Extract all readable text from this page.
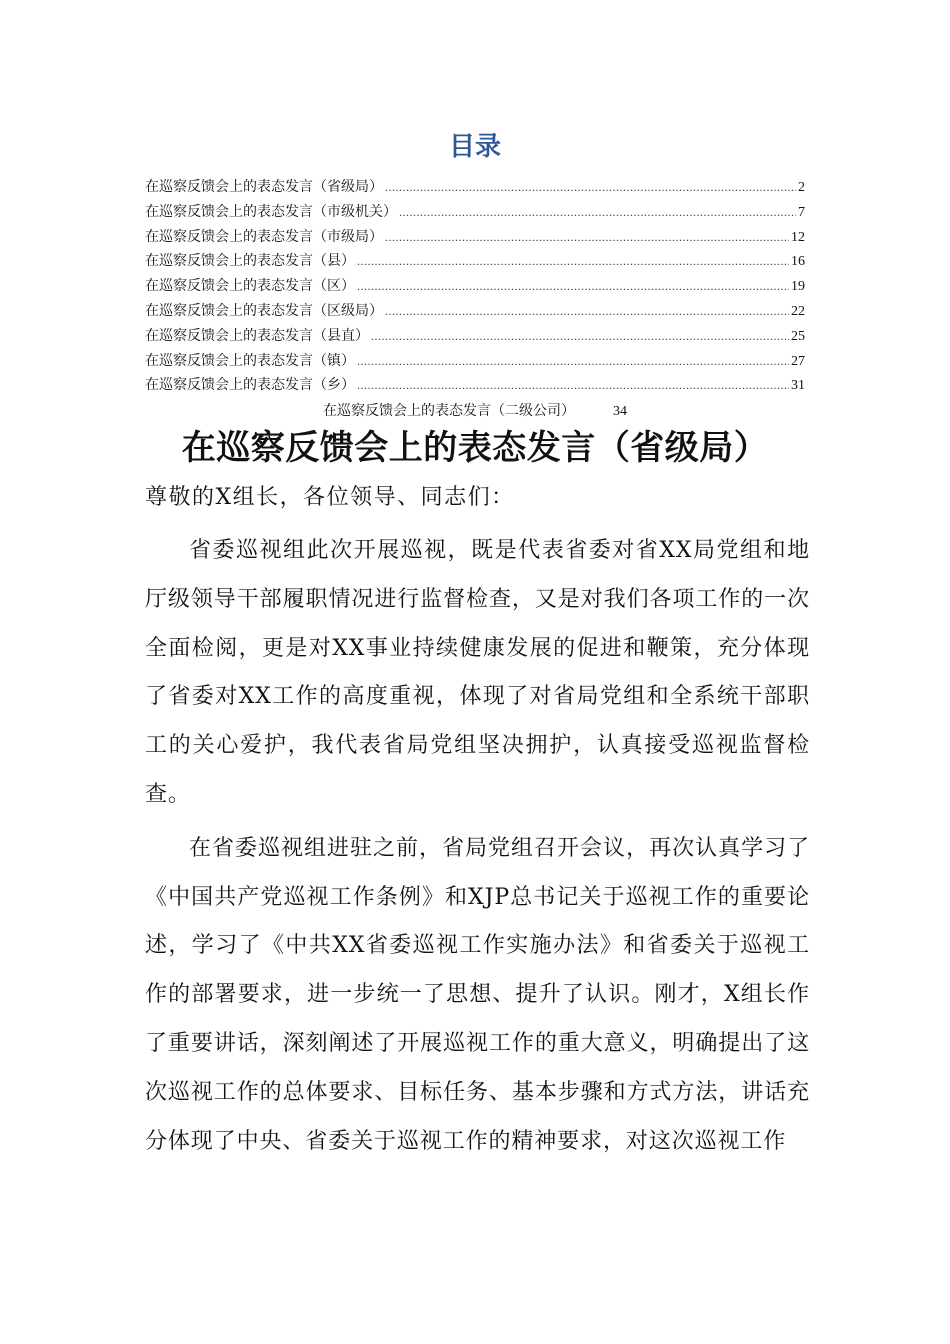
目录
在巡察反馈会上的表态发言（省级局） .....	2
在巡察反馈会上的表态发言（市级机关） .....	7
在巡察反馈会上的表态发言（市级局） .....	12
在巡察反馈会上的表态发言（县） .....	16
在巡察反馈会上的表态发言（区） .....	19
在巡察反馈会上的表态发言（区级局） .....	22
在巡察反馈会上的表态发言（县直） .....	25
在巡察反馈会上的表态发言（镇） .....	27
在巡察反馈会上的表态发言（乡） .....	31
在巡察反馈会上的表态发言（二级公司）	34
在巡察反馈会上的表态发言（省级局）
尊敬的X组长，各位领导、同志们：

省委巡视组此次开展巡视，既是代表省委对省XX局党组和地厅级领导干部履职情况进行监督检查，又是对我们各项工作的一次全面检阅，更是对XX事业持续健康发展的促进和鞭策，充分体现了省委对XX工作的高度重视，体现了对省局党组和全系统干部职工的关心爱护，我代表省局党组坚决拥护，认真接受巡视监督检查。

在省委巡视组进驻之前，省局党组召开会议，再次认真学习了《中国共产党巡视工作条例》和XJP总书记关于巡视工作的重要论述，学习了《中共XX省委巡视工作实施办法》和省委关于巡视工作的部署要求，进一步统一了思想、提升了认识。刚才，X组长作了重要讲话，深刻阐述了开展巡视工作的重大意义，明确提出了这次巡视工作的总体要求、目标任务、基本步骤和方式方法，讲话充分体现了中央、省委关于巡视工作的精神要求，对这次巡视工作
